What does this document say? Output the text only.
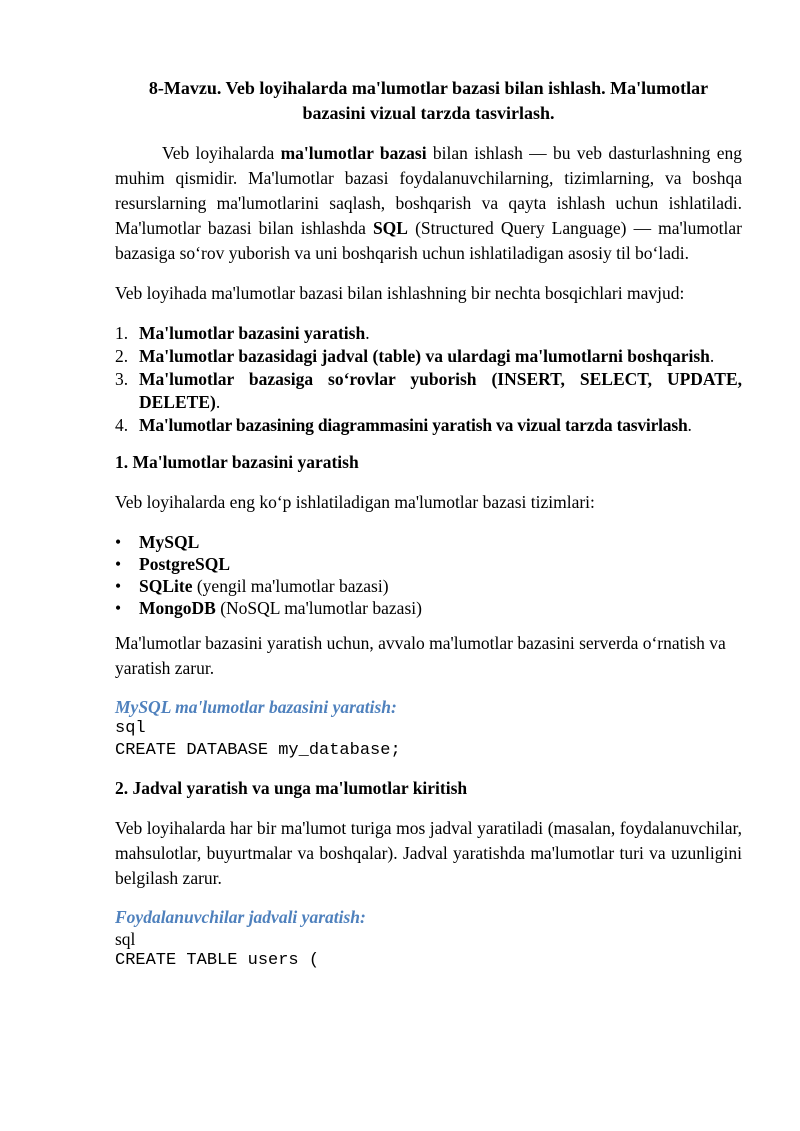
8-Mavzu. Veb loyihalarda ma'lumotlar bazasi bilan ishlash. Ma'lumotlar
bazasini vizual tarzda tasvirlash.

Veb loyihalarda ma'lumotlar bazasi bilan ishlash — bu veb dasturlashning eng muhim qismidir. Ma'lumotlar bazasi foydalanuvchilarning, tizimlarning, va boshqa resurslarning ma'lumotlarini saqlash, boshqarish va qayta ishlash uchun ishlatiladi. Ma'lumotlar bazasi bilan ishlashda SQL (Structured Query Language) — ma'lumotlar bazasiga so‘rov yuborish va uni boshqarish uchun ishlatiladigan asosiy til bo‘ladi.

Veb loyihada ma'lumotlar bazasi bilan ishlashning bir nechta bosqichlari mavjud:

1. Ma'lumotlar bazasini yaratish.
2. Ma'lumotlar bazasidagi jadval (table) va ulardagi ma'lumotlarni boshqarish.
3. Ma'lumotlar bazasiga so‘rovlar yuborish (INSERT, SELECT, UPDATE, DELETE).
4. Ma'lumotlar bazasining diagrammasini yaratish va vizual tarzda tasvirlash.

1. Ma'lumotlar bazasini yaratish

Veb loyihalarda eng ko‘p ishlatiladigan ma'lumotlar bazasi tizimlari:

• MySQL
• PostgreSQL
• SQLite (yengil ma'lumotlar bazasi)
• MongoDB (NoSQL ma'lumotlar bazasi)

Ma'lumotlar bazasini yaratish uchun, avvalo ma'lumotlar bazasini serverda o‘rnatish va yaratish zarur.

MySQL ma'lumotlar bazasini yaratish:
sql
CREATE DATABASE my_database;

2. Jadval yaratish va unga ma'lumotlar kiritish

Veb loyihalarda har bir ma'lumot turiga mos jadval yaratiladi (masalan, foydalanuvchilar, mahsulotlar, buyurtmalar va boshqalar). Jadval yaratishda ma'lumotlar turi va uzunligini belgilash zarur.

Foydalanuvchilar jadvali yaratish:
sql
CREATE TABLE users (
